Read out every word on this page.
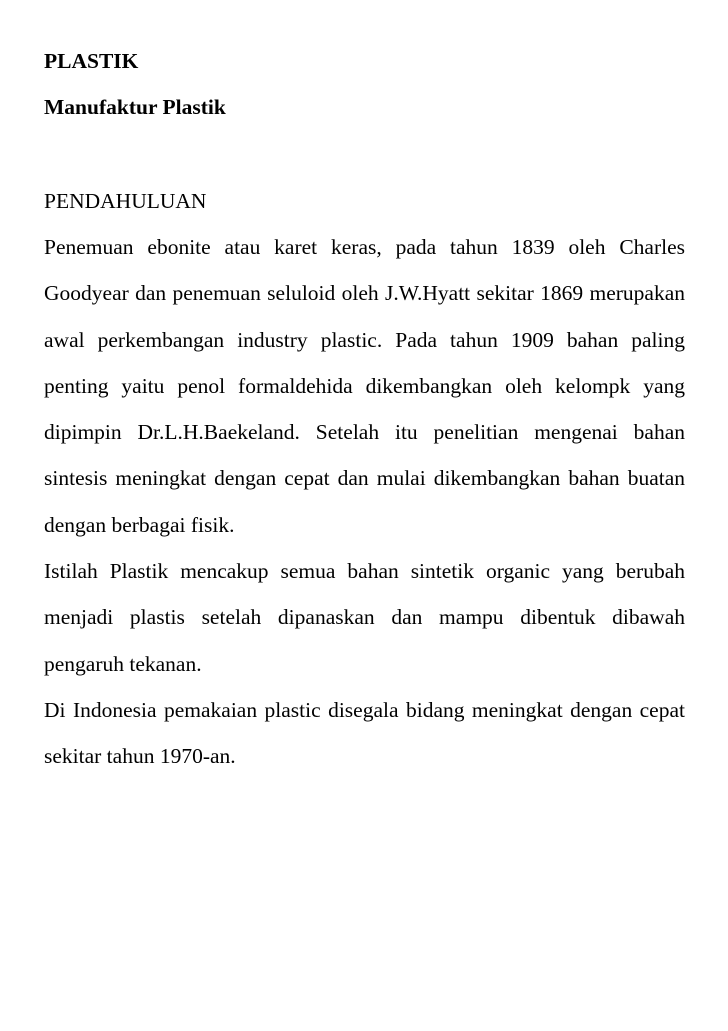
PLASTIK
Manufaktur Plastik
PENDAHULUAN

Penemuan ebonite atau karet keras, pada tahun 1839 oleh Charles Goodyear dan penemuan seluloid oleh J.W.Hyatt sekitar 1869 merupakan awal perkembangan industry plastic. Pada tahun 1909 bahan paling penting yaitu penol formaldehida dikembangkan oleh kelompk yang dipimpin Dr.L.H.Baekeland. Setelah itu penelitian mengenai bahan sintesis meningkat dengan cepat dan mulai dikembangkan bahan buatan dengan berbagai fisik.

Istilah Plastik mencakup semua bahan sintetik organic yang berubah menjadi plastis setelah dipanaskan dan mampu dibentuk dibawah pengaruh tekanan.

Di Indonesia pemakaian plastic disegala bidang meningkat dengan cepat sekitar tahun 1970-an.
